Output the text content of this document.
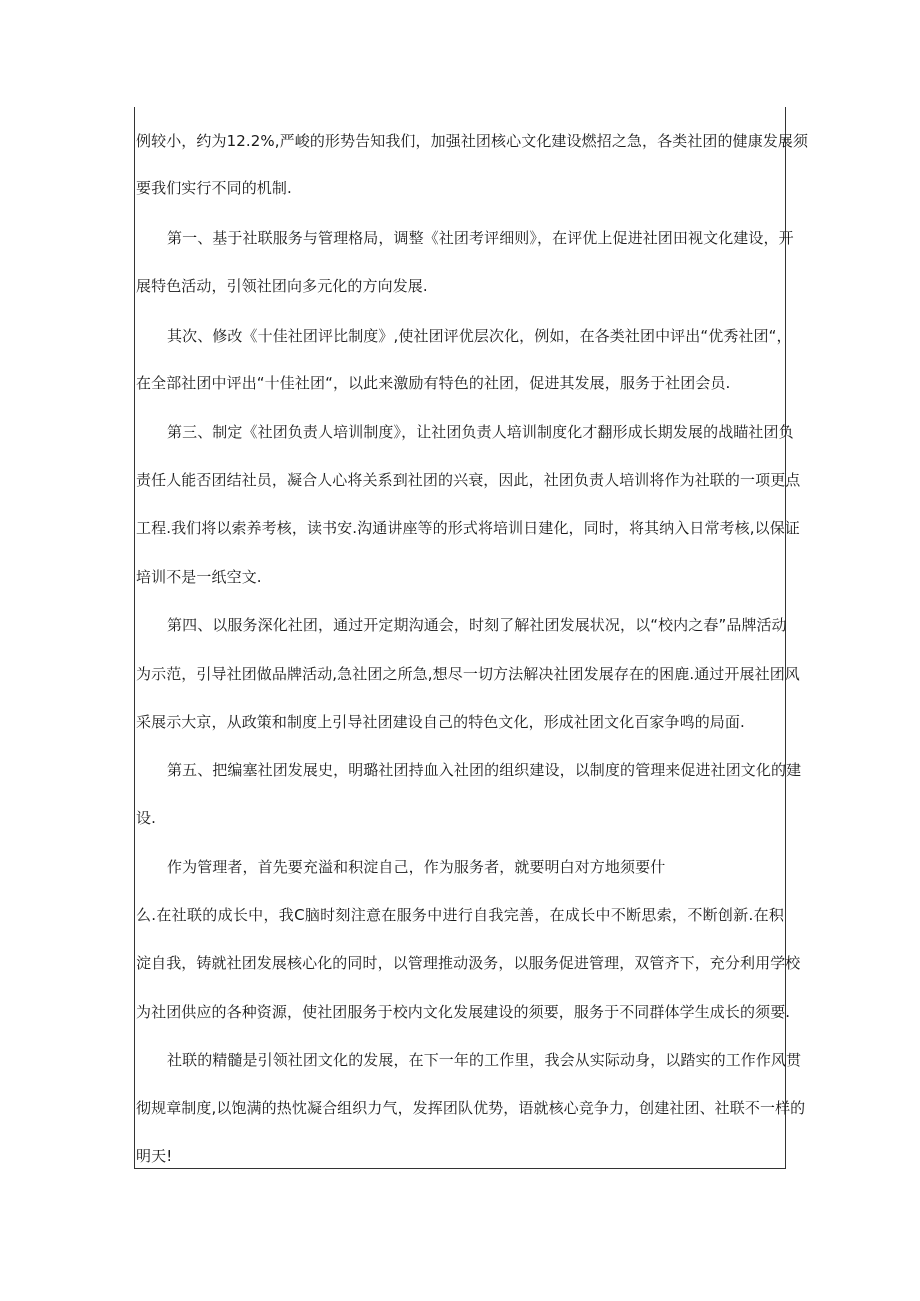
例较小，约为12.2%,严峻的形势告知我们，加强社团核心文化建设燃招之急，各类社团的健康发展须
要我们实行不同的机制.
第一、基于社联服务与管理格局，调整《社团考评细则》，在评优上促进社团田视文化建设，开
展特色活动，引领社团向多元化的方向发展.
其次、修改《十佳社团评比制度》,使社团评优层次化，例如，在各类社团中评出“优秀社团“，
在全部社团中评出“十佳社团“，以此来激励有特色的社团，促进其发展，服务于社团会员.
第三、制定《社团负责人培训制度》，让社团负责人培训制度化才翻形成长期发展的战瞄社团负
责任人能否团结社员，凝合人心将关系到社团的兴衰，因此，社团负责人培训将作为社联的一项更点
工程.我们将以索养考核，读书安.沟通讲座等的形式将培训日建化，同时，将其纳入日常考核,以保证
培训不是一纸空文.
第四、以服务深化社团，通过开定期沟通会，时刻了解社团发展状况，以“校内之春”品牌活动
为示范，引导社团做品牌活动,急社团之所急,想尽一切方法解决社团发展存在的困鹿.通过开展社团风
采展示大京，从政策和制度上引导社团建设自己的特色文化，形成社团文化百家争鸣的局面.
第五、把编塞社团发展史，明璐社团持血入社团的组织建设，以制度的管理来促进社团文化的建
设.
作为管理者，首先要充溢和积淀自己，作为服务者，就要明白对方地须要什
么.在社联的成长中，我C脑时刻注意在服务中进行自我完善，在成长中不断思索，不断创新.在积
淀自我，铸就社团发展核心化的同时，以管理推动汲务，以服务促进管理，双管齐下，充分利用学校
为社团供应的各种资源，使社团服务于校内文化发展建设的须要，服务于不同群体学生成长的须要.
社联的精髓是引领社团文化的发展，在下一年的工作里，我会从实际动身，以踏实的工作作风贯
彻规章制度,以饱满的热忱凝合组织力气，发挥团队优势，语就核心竞争力，创建社团、社联不一样的
明天!
